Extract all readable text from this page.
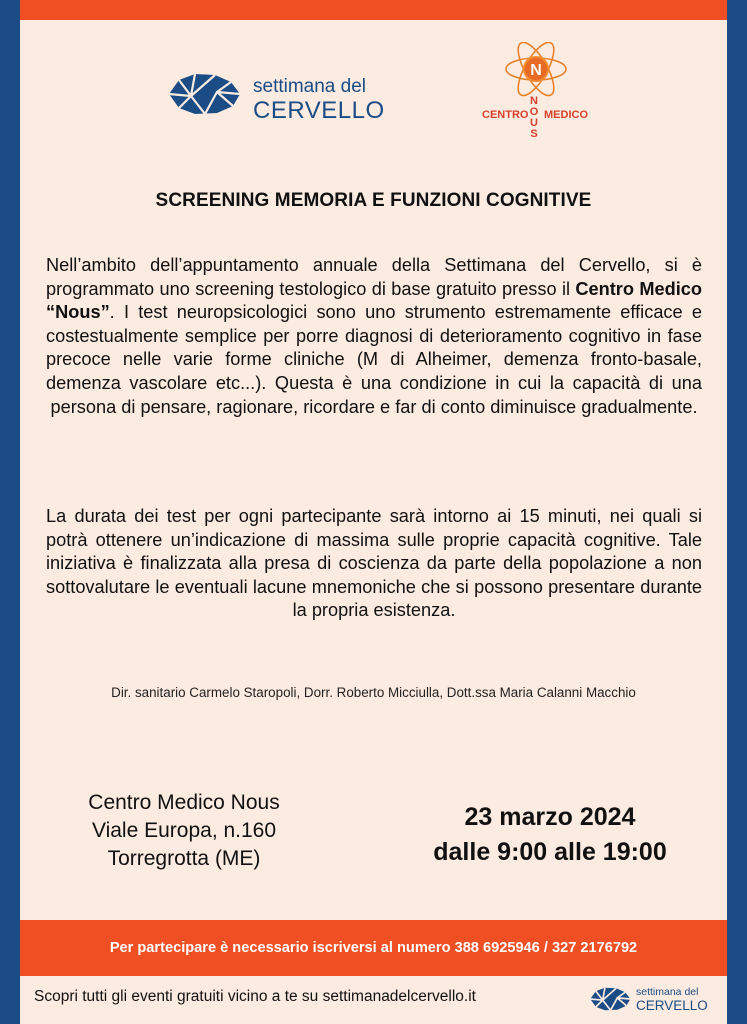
settimana del
CERVELLO
N
CENTRO MEDICO
N
O
U
S
SCREENING MEMORIA E FUNZIONI COGNITIVE
Nell’ambito dell’appuntamento annuale della Settimana del Cervello, si è programmato uno screening testologico di base gratuito presso il Centro Medico “Nous”. I test neuropsicologici sono uno strumento estremamente efficace e costestualmente semplice per porre diagnosi di deterioramento cognitivo in fase precoce nelle varie forme cliniche (M di Alheimer, demenza fronto-basale, demenza vascolare etc...). Questa è una condizione in cui la capacità di una persona di pensare, ragionare, ricordare e far di conto diminuisce gradualmente.
La durata dei test per ogni partecipante sarà intorno ai 15 minuti, nei quali si potrà ottenere un’indicazione di massima sulle proprie capacità cognitive. Tale iniziativa è finalizzata alla presa di coscienza da parte della popolazione a non sottovalutare le eventuali lacune mnemoniche che si possono presentare durante la propria esistenza.
Dir. sanitario Carmelo Staropoli, Dorr. Roberto Micciulla, Dott.ssa Maria Calanni Macchio
Centro Medico Nous
Viale Europa, n.160
Torregrotta (ME)
23 marzo 2024
dalle 9:00 alle 19:00
Per partecipare è necessario iscriversi al numero 388 6925946 / 327 2176792
Scopri tutti gli eventi gratuiti vicino a te su settimanadelcervello.it	settimana del
CERVELLO
